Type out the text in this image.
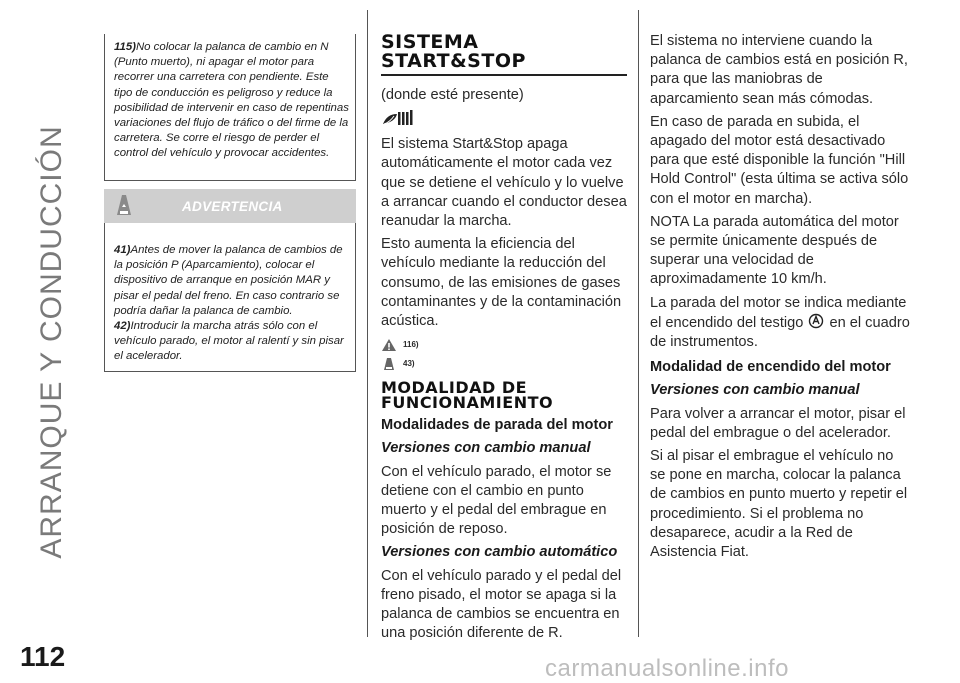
ARRANQUE Y CONDUCCIÓN
112

115)No colocar la palanca de cambio en N (Punto muerto), ni apagar el motor para recorrer una carretera con pendiente. Este tipo de conducción es peligroso y reduce la posibilidad de intervenir en caso de repentinas variaciones del flujo de tráfico o del firme de la carretera. Se corre el riesgo de perder el control del vehículo y provocar accidentes.

ADVERTENCIA

41)Antes de mover la palanca de cambios de la posición P (Aparcamiento), colocar el dispositivo de arranque en posición MAR y pisar el pedal del freno. En caso contrario se podría dañar la palanca de cambio.

42)Introducir la marcha atrás sólo con el vehículo parado, el motor al ralentí y sin pisar el acelerador.

SISTEMA
START&STOP

(donde esté presente)

El sistema Start&Stop apaga automáticamente el motor cada vez que se detiene el vehículo y lo vuelve a arrancar cuando el conductor desea reanudar la marcha.

Esto aumenta la eficiencia del vehículo mediante la reducción del consumo, de las emisiones de gases contaminantes y de la contaminación acústica.

116)
43)
MODALIDAD DE
FUNCIONAMIENTO

Modalidades de parada del motor

Versiones con cambio manual

Con el vehículo parado, el motor se detiene con el cambio en punto muerto y el pedal del embrague en posición de reposo.

Versiones con cambio automático

Con el vehículo parado y el pedal del freno pisado, el motor se apaga si la palanca de cambios se encuentra en una posición diferente de R.

El sistema no interviene cuando la palanca de cambios está en posición R, para que las maniobras de aparcamiento sean más cómodas.

En caso de parada en subida, el apagado del motor está desactivado para que esté disponible la función "Hill Hold Control" (esta última se activa sólo con el motor en marcha).

NOTA La parada automática del motor se permite únicamente después de superar una velocidad de aproximadamente 10 km/h.

La parada del motor se indica mediante el encendido del testigo en el cuadro de instrumentos.

Modalidad de encendido del motor

Versiones con cambio manual

Para volver a arrancar el motor, pisar el pedal del embrague o del acelerador.

Si al pisar el embrague el vehículo no se pone en marcha, colocar la palanca de cambios en punto muerto y repetir el procedimiento. Si el problema no desaparece, acudir a la Red de Asistencia Fiat.

carmanualsonline.info
